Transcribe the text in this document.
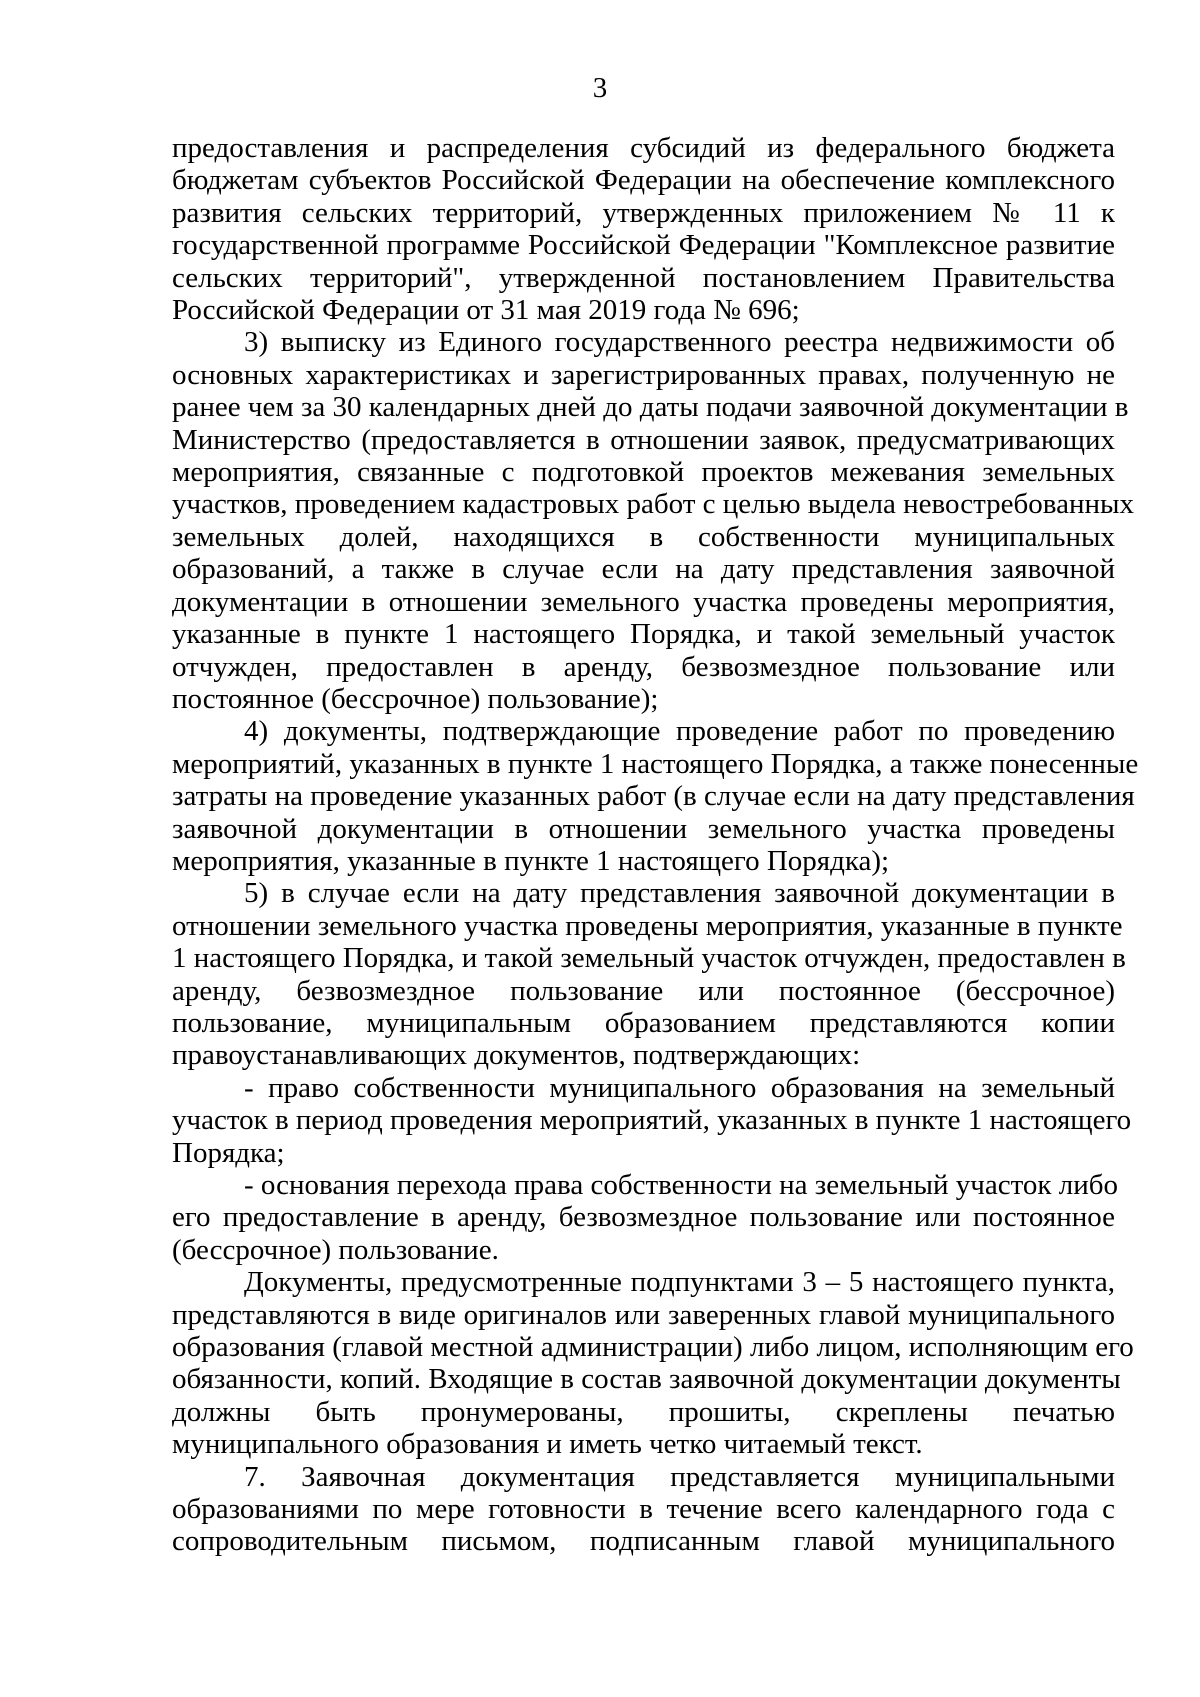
3
предоставления и распределения субсидий из федерального бюджета
бюджетам субъектов Российской Федерации на обеспечение комплексного
развития сельских территорий, утвержденных приложением № 11 к
государственной программе Российской Федерации "Комплексное развитие
сельских территорий", утвержденной постановлением Правительства
Российской Федерации от 31 мая 2019 года № 696;
3) выписку из Единого государственного реестра недвижимости об
основных характеристиках и зарегистрированных правах, полученную не
ранее чем за 30 календарных дней до даты подачи заявочной документации в
Министерство (предоставляется в отношении заявок, предусматривающих
мероприятия, связанные с подготовкой проектов межевания земельных
участков, проведением кадастровых работ с целью выдела невостребованных
земельных долей, находящихся в собственности муниципальных
образований, а также в случае если на дату представления заявочной
документации в отношении земельного участка проведены мероприятия,
указанные в пункте 1 настоящего Порядка, и такой земельный участок
отчужден, предоставлен в аренду, безвозмездное пользование или
постоянное (бессрочное) пользование);
4) документы, подтверждающие проведение работ по проведению
мероприятий, указанных в пункте 1 настоящего Порядка, а также понесенные
затраты на проведение указанных работ (в случае если на дату представления
заявочной документации в отношении земельного участка проведены
мероприятия, указанные в пункте 1 настоящего Порядка);
5) в случае если на дату представления заявочной документации в
отношении земельного участка проведены мероприятия, указанные в пункте
1 настоящего Порядка, и такой земельный участок отчужден, предоставлен в
аренду, безвозмездное пользование или постоянное (бессрочное)
пользование, муниципальным образованием представляются копии
правоустанавливающих документов, подтверждающих:
- право собственности муниципального образования на земельный
участок в период проведения мероприятий, указанных в пункте 1 настоящего
Порядка;
- основания перехода права собственности на земельный участок либо
его предоставление в аренду, безвозмездное пользование или постоянное
(бессрочное) пользование.
Документы, предусмотренные подпунктами 3 – 5 настоящего пункта,
представляются в виде оригиналов или заверенных главой муниципального
образования (главой местной администрации) либо лицом, исполняющим его
обязанности, копий. Входящие в состав заявочной документации документы
должны быть пронумерованы, прошиты, скреплены печатью
муниципального образования и иметь четко читаемый текст.
7. Заявочная документация представляется муниципальными
образованиями по мере готовности в течение всего календарного года с
сопроводительным письмом, подписанным главой муниципального
